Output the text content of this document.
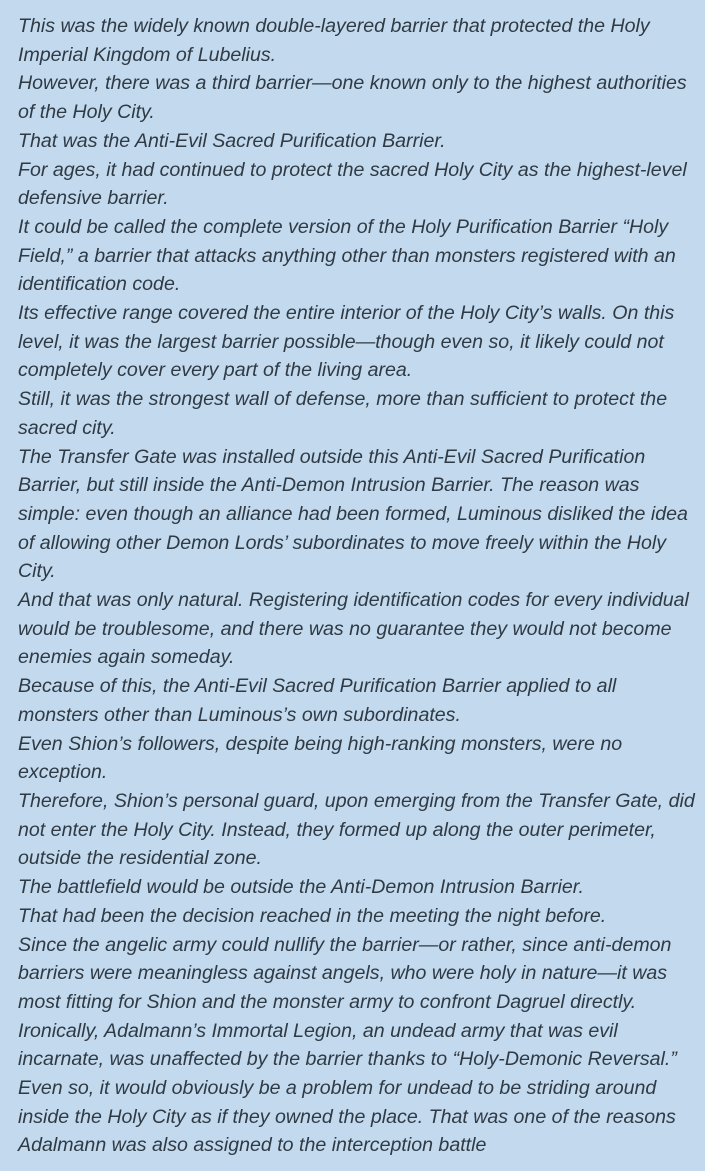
This was the widely known double-layered barrier that protected the Holy
Imperial Kingdom of Lubelius.
However, there was a third barrier—one known only to the highest authorities
of the Holy City.
That was the Anti-Evil Sacred Purification Barrier.
For ages, it had continued to protect the sacred Holy City as the highest-level
defensive barrier.
It could be called the complete version of the Holy Purification Barrier “Holy
Field,” a barrier that attacks anything other than monsters registered with an
identification code.
Its effective range covered the entire interior of the Holy City’s walls. On this
level, it was the largest barrier possible—though even so, it likely could not
completely cover every part of the living area.
Still, it was the strongest wall of defense, more than sufficient to protect the
sacred city.
The Transfer Gate was installed outside this Anti-Evil Sacred Purification
Barrier, but still inside the Anti-Demon Intrusion Barrier. The reason was
simple: even though an alliance had been formed, Luminous disliked the idea
of allowing other Demon Lords’ subordinates to move freely within the Holy
City.
And that was only natural. Registering identification codes for every individual
would be troublesome, and there was no guarantee they would not become
enemies again someday.
Because of this, the Anti-Evil Sacred Purification Barrier applied to all
monsters other than Luminous’s own subordinates.
Even Shion’s followers, despite being high-ranking monsters, were no
exception.
Therefore, Shion’s personal guard, upon emerging from the Transfer Gate, did
not enter the Holy City. Instead, they formed up along the outer perimeter,
outside the residential zone.
The battlefield would be outside the Anti-Demon Intrusion Barrier.
That had been the decision reached in the meeting the night before.
Since the angelic army could nullify the barrier—or rather, since anti-demon
barriers were meaningless against angels, who were holy in nature—it was
most fitting for Shion and the monster army to confront Dagruel directly.
Ironically, Adalmann’s Immortal Legion, an undead army that was evil
incarnate, was unaffected by the barrier thanks to “Holy-Demonic Reversal.”
Even so, it would obviously be a problem for undead to be striding around
inside the Holy City as if they owned the place. That was one of the reasons
Adalmann was also assigned to the interception battle
